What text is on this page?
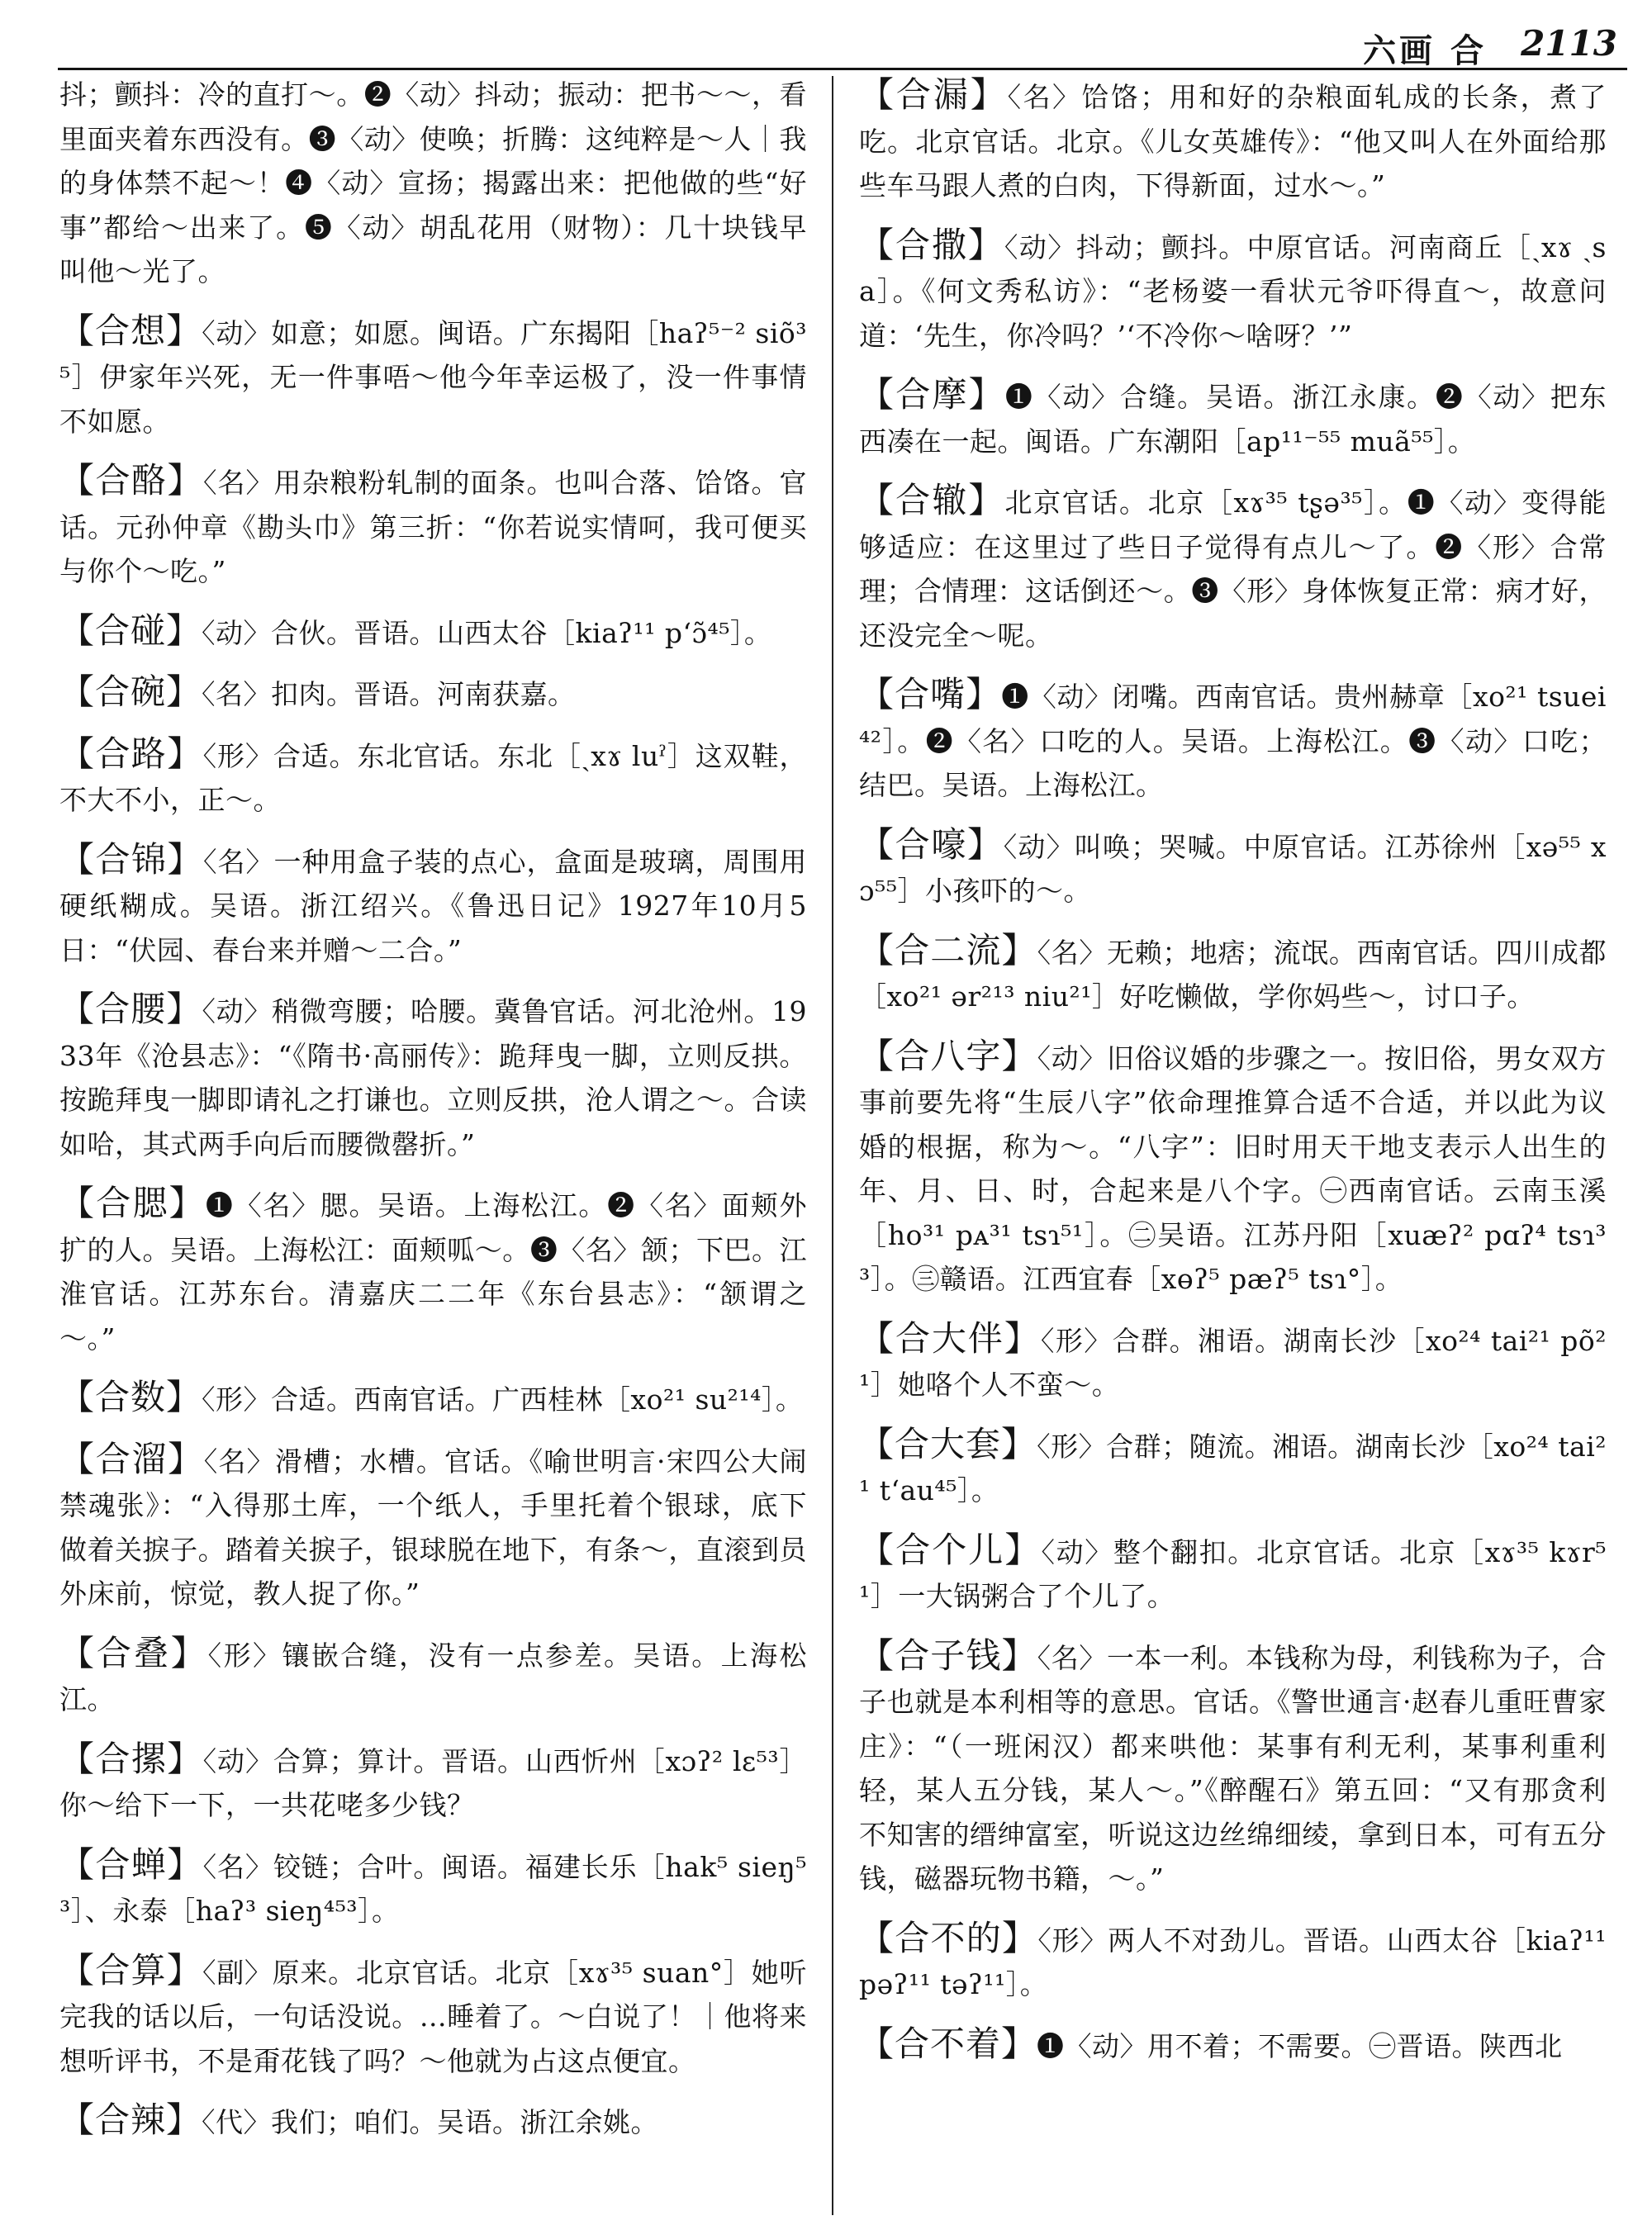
六画 合 2113

抖；颤抖：冷的直打～。❷〈动〉抖动；振动：把书～～，看里面夹着东西没有。❸〈动〉使唤；折腾：这纯粹是～人｜我的身体禁不起～！❹〈动〉宣扬；揭露出来：把他做的些“好事”都给～出来了。❺〈动〉胡乱花用（财物）：几十块钱早叫他～光了。

【合想】〈动〉如意；如愿。闽语。广东揭阳［haʔ⁵⁻² siõ³⁵］伊家年兴死，无一件事唔～他今年幸运极了，没一件事情不如愿。

【合酪】〈名〉用杂粮粉轧制的面条。也叫合落、饸饹。官话。元孙仲章《勘头巾》第三折：“你若说实情呵，我可便买与你个～吃。”

【合碰】〈动〉合伙。晋语。山西太谷［kiaʔ¹¹ p‘ɔ̃⁴⁵］。

【合碗】〈名〉扣肉。晋语。河南获嘉。

【合路】〈形〉合适。东北官话。东北［ˏxɤ luˀ］这双鞋，不大不小，正～。

【合锦】〈名〉一种用盒子装的点心，盒面是玻璃，周围用硬纸糊成。吴语。浙江绍兴。《鲁迅日记》1927年10月5日：“伏园、春台来并赠～二合。”

【合腰】〈动〉稍微弯腰；哈腰。冀鲁官话。河北沧州。1933年《沧县志》：“《隋书·高丽传》：跪拜曳一脚，立则反拱。按跪拜曳一脚即请礼之打谦也。立则反拱，沧人谓之～。合读如哈，其式两手向后而腰微罄折。”

【合腮】❶〈名〉腮。吴语。上海松江。❷〈名〉面颊外扩的人。吴语。上海松江：面颊呱～。❸〈名〉颔；下巴。江淮官话。江苏东台。清嘉庆二二年《东台县志》：“颔谓之～。”

【合数】〈形〉合适。西南官话。广西桂林［xo²¹ su²¹⁴］。

【合溜】〈名〉滑槽；水槽。官话。《喻世明言·宋四公大闹禁魂张》：“入得那土库，一个纸人，手里托着个银球，底下做着关捩子。踏着关捩子，银球脱在地下，有条～，直滚到员外床前，惊觉，教人捉了你。”

【合叠】〈形〉镶嵌合缝，没有一点参差。吴语。上海松江。

【合摞】〈动〉合算；算计。晋语。山西忻州［xɔʔ² lɛ⁵³］你～给下一下，一共花咾多少钱？

【合蝉】〈名〉铰链；合叶。闽语。福建长乐［hak⁵ sieŋ⁵³］、永泰［haʔ³ sieŋ⁴⁵³］。

【合算】〈副〉原来。北京官话。北京［xɤ³⁵ suan°］她听完我的话以后，一句话没说。…睡着了。～白说了！｜他将来想听评书，不是甭花钱了吗？～他就为占这点便宜。

【合辣】〈代〉我们；咱们。吴语。浙江余姚。

【合漏】〈名〉饸饹；用和好的杂粮面轧成的长条，煮了吃。北京官话。北京。《儿女英雄传》：“他又叫人在外面给那些车马跟人煮的白肉，下得新面，过水～。”

【合撒】〈动〉抖动；颤抖。中原官话。河南商丘［ˏxɤ ˏsa］。《何文秀私访》：“老杨婆一看状元爷吓得直～，故意问道：‘先生，你冷吗？’‘不冷你～啥呀？’”

【合摩】❶〈动〉合缝。吴语。浙江永康。❷〈动〉把东西凑在一起。闽语。广东潮阳［ap¹¹⁻⁵⁵ muã⁵⁵］。

【合辙】北京官话。北京［xɤ³⁵ tʂə³⁵］。❶〈动〉变得能够适应：在这里过了些日子觉得有点儿～了。❷〈形〉合常理；合情理：这话倒还～。❸〈形〉身体恢复正常：病才好，还没完全～呢。

【合嘴】❶〈动〉闭嘴。西南官话。贵州赫章［xo²¹ tsuei⁴²］。❷〈名〉口吃的人。吴语。上海松江。❸〈动〉口吃；结巴。吴语。上海松江。

【合嚎】〈动〉叫唤；哭喊。中原官话。江苏徐州［xə⁵⁵ xɔ⁵⁵］小孩吓的～。

【合二流】〈名〉无赖；地痞；流氓。西南官话。四川成都［xo²¹ ər²¹³ niu²¹］好吃懒做，学你妈些～，讨口子。

【合八字】〈动〉旧俗议婚的步骤之一。按旧俗，男女双方事前要先将“生辰八字”依命理推算合适不合适，并以此为议婚的根据，称为～。“八字”：旧时用天干地支表示人出生的年、月、日、时，合起来是八个字。㊀西南官话。云南玉溪［ho³¹ pᴀ³¹ tsɿ⁵¹］。㊁吴语。江苏丹阳［xuæʔ² pɑʔ⁴ tsɿ³³］。㊂赣语。江西宜春［xɵʔ⁵ pæʔ⁵ tsɿ°］。

【合大伴】〈形〉合群。湘语。湖南长沙［xo²⁴ tai²¹ põ²¹］她咯个人不蛮～。

【合大套】〈形〉合群；随流。湘语。湖南长沙［xo²⁴ tai²¹ t‘au⁴⁵］。

【合个儿】〈动〉整个翻扣。北京官话。北京［xɤ³⁵ kɤr⁵¹］一大锅粥合了个儿了。

【合子钱】〈名〉一本一利。本钱称为母，利钱称为子，合子也就是本利相等的意思。官话。《警世通言·赵春儿重旺曹家庄》：“（一班闲汉）都来哄他：某事有利无利，某事利重利轻，某人五分钱，某人～。”《醉醒石》第五回：“又有那贪利不知害的缙绅富室，听说这边丝绵细绫，拿到日本，可有五分钱，磁器玩物书籍，～。”

【合不的】〈形〉两人不对劲儿。晋语。山西太谷［kiaʔ¹¹ pəʔ¹¹ təʔ¹¹］。

【合不着】❶〈动〉用不着；不需要。㊀晋语。陕西北
